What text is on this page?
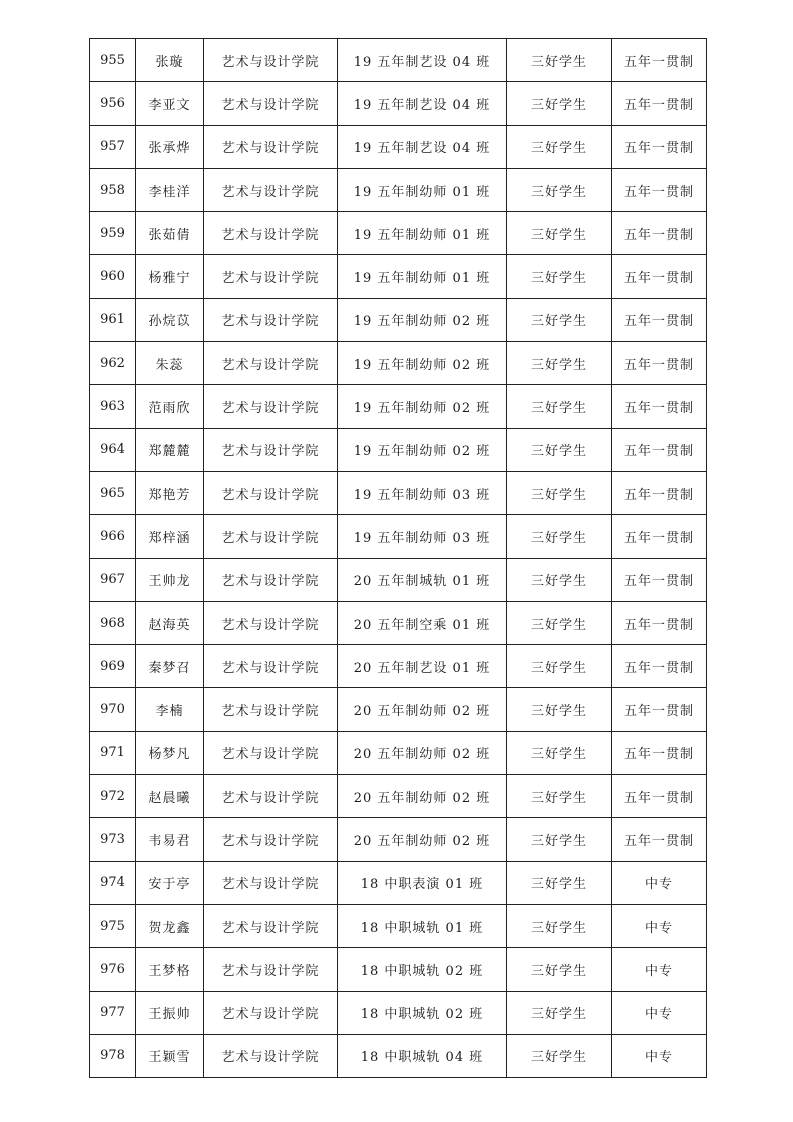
955	张璇	艺术与设计学院	19 五年制艺设 04 班	三好学生	五年一贯制
956	李亚文	艺术与设计学院	19 五年制艺设 04 班	三好学生	五年一贯制
957	张承烨	艺术与设计学院	19 五年制艺设 04 班	三好学生	五年一贯制
958	李桂洋	艺术与设计学院	19 五年制幼师 01 班	三好学生	五年一贯制
959	张茹倩	艺术与设计学院	19 五年制幼师 01 班	三好学生	五年一贯制
960	杨雅宁	艺术与设计学院	19 五年制幼师 01 班	三好学生	五年一贯制
961	孙烷苡	艺术与设计学院	19 五年制幼师 02 班	三好学生	五年一贯制
962	朱蕊	艺术与设计学院	19 五年制幼师 02 班	三好学生	五年一贯制
963	范雨欣	艺术与设计学院	19 五年制幼师 02 班	三好学生	五年一贯制
964	郑麓麓	艺术与设计学院	19 五年制幼师 02 班	三好学生	五年一贯制
965	郑艳芳	艺术与设计学院	19 五年制幼师 03 班	三好学生	五年一贯制
966	郑梓涵	艺术与设计学院	19 五年制幼师 03 班	三好学生	五年一贯制
967	王帅龙	艺术与设计学院	20 五年制城轨 01 班	三好学生	五年一贯制
968	赵海英	艺术与设计学院	20 五年制空乘 01 班	三好学生	五年一贯制
969	秦梦召	艺术与设计学院	20 五年制艺设 01 班	三好学生	五年一贯制
970	李楠	艺术与设计学院	20 五年制幼师 02 班	三好学生	五年一贯制
971	杨梦凡	艺术与设计学院	20 五年制幼师 02 班	三好学生	五年一贯制
972	赵晨曦	艺术与设计学院	20 五年制幼师 02 班	三好学生	五年一贯制
973	韦易君	艺术与设计学院	20 五年制幼师 02 班	三好学生	五年一贯制
974	安于亭	艺术与设计学院	18 中职表演 01 班	三好学生	中专
975	贺龙鑫	艺术与设计学院	18 中职城轨 01 班	三好学生	中专
976	王梦格	艺术与设计学院	18 中职城轨 02 班	三好学生	中专
977	王振帅	艺术与设计学院	18 中职城轨 02 班	三好学生	中专
978	王颖雪	艺术与设计学院	18 中职城轨 04 班	三好学生	中专
